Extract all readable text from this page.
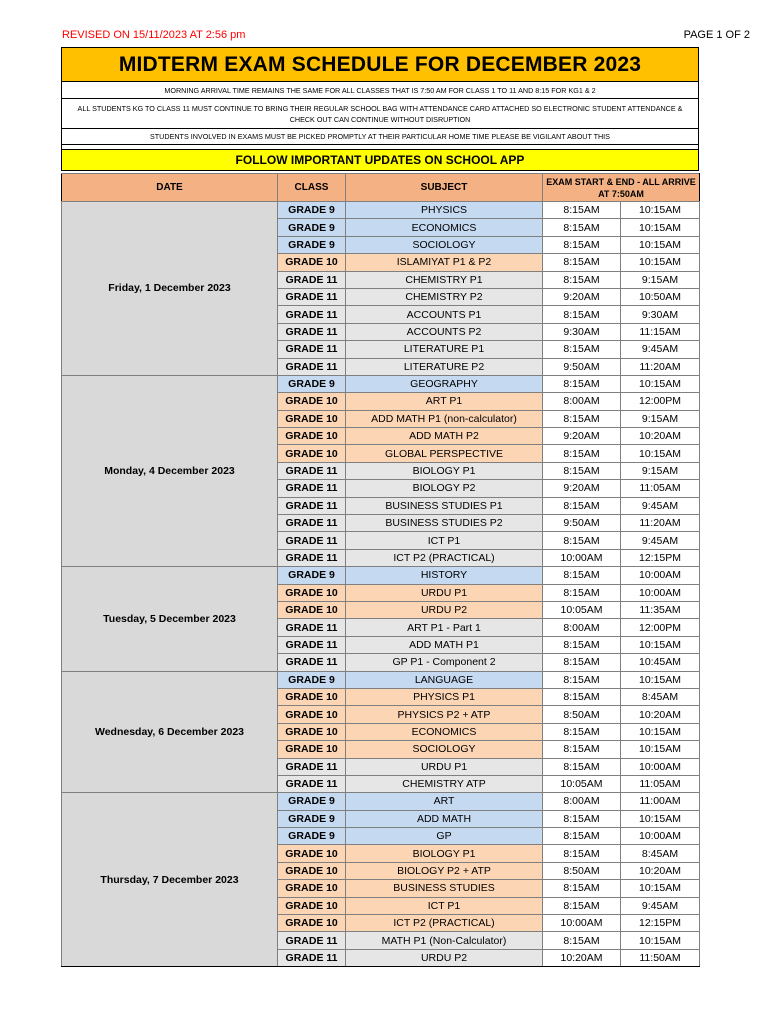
REVISED ON 15/11/2023 AT 2:56 pm	PAGE 1 OF 2
MIDTERM EXAM SCHEDULE FOR DECEMBER 2023
MORNING ARRIVAL TIME REMAINS THE SAME FOR ALL CLASSES THAT IS 7:50 AM FOR CLASS 1 TO 11 AND 8:15 FOR KG1 & 2
ALL STUDENTS KG TO CLASS 11 MUST CONTINUE TO BRING THEIR REGULAR SCHOOL BAG WITH ATTENDANCE CARD ATTACHED SO ELECTRONIC STUDENT ATTENDANCE & CHECK OUT CAN CONTINUE WITHOUT DISRUPTION
STUDENTS INVOLVED IN EXAMS MUST BE PICKED PROMPTLY AT THEIR PARTICULAR HOME TIME PLEASE BE VIGILANT ABOUT THIS
FOLLOW IMPORTANT UPDATES ON SCHOOL APP
DATE	CLASS	SUBJECT	EXAM START & END - ALL ARRIVE AT 7:50AM	
Friday, 1 December 2023	GRADE 9	PHYSICS	8:15AM	10:15AM
	GRADE 9	ECONOMICS	8:15AM	10:15AM
	GRADE 9	SOCIOLOGY	8:15AM	10:15AM
	GRADE 10	ISLAMIYAT P1 & P2	8:15AM	10:15AM
	GRADE 11	CHEMISTRY P1	8:15AM	9:15AM
	GRADE 11	CHEMISTRY P2	9:20AM	10:50AM
	GRADE 11	ACCOUNTS P1	8:15AM	9:30AM
	GRADE 11	ACCOUNTS P2	9:30AM	11:15AM
	GRADE 11	LITERATURE P1	8:15AM	9:45AM
	GRADE 11	LITERATURE P2	9:50AM	11:20AM
Monday, 4 December 2023	GRADE 9	GEOGRAPHY	8:15AM	10:15AM
	GRADE 10	ART P1	8:00AM	12:00PM
	GRADE 10	ADD MATH P1 (non-calculator)	8:15AM	9:15AM
	GRADE 10	ADD MATH P2	9:20AM	10:20AM
	GRADE 10	GLOBAL PERSPECTIVE	8:15AM	10:15AM
	GRADE 11	BIOLOGY P1	8:15AM	9:15AM
	GRADE 11	BIOLOGY P2	9:20AM	11:05AM
	GRADE 11	BUSINESS STUDIES P1	8:15AM	9:45AM
	GRADE 11	BUSINESS STUDIES P2	9:50AM	11:20AM
	GRADE 11	ICT P1	8:15AM	9:45AM
	GRADE 11	ICT P2 (PRACTICAL)	10:00AM	12:15PM
Tuesday, 5 December 2023	GRADE 9	HISTORY	8:15AM	10:00AM
	GRADE 10	URDU P1	8:15AM	10:00AM
	GRADE 10	URDU P2	10:05AM	11:35AM
	GRADE 11	ART P1 - Part 1	8:00AM	12:00PM
	GRADE 11	ADD MATH P1	8:15AM	10:15AM
	GRADE 11	GP P1 - Component 2	8:15AM	10:45AM
Wednesday, 6 December 2023	GRADE 9	LANGUAGE	8:15AM	10:15AM
	GRADE 10	PHYSICS P1	8:15AM	8:45AM
	GRADE 10	PHYSICS P2 + ATP	8:50AM	10:20AM
	GRADE 10	ECONOMICS	8:15AM	10:15AM
	GRADE 10	SOCIOLOGY	8:15AM	10:15AM
	GRADE 11	URDU P1	8:15AM	10:00AM
	GRADE 11	CHEMISTRY ATP	10:05AM	11:05AM
Thursday, 7 December 2023	GRADE 9	ART	8:00AM	11:00AM
	GRADE 9	ADD MATH	8:15AM	10:15AM
	GRADE 9	GP	8:15AM	10:00AM
	GRADE 10	BIOLOGY P1	8:15AM	8:45AM
	GRADE 10	BIOLOGY P2 + ATP	8:50AM	10:20AM
	GRADE 10	BUSINESS STUDIES	8:15AM	10:15AM
	GRADE 10	ICT P1	8:15AM	9:45AM
	GRADE 10	ICT P2 (PRACTICAL)	10:00AM	12:15PM
	GRADE 11	MATH P1 (Non-Calculator)	8:15AM	10:15AM
	GRADE 11	URDU P2	10:20AM	11:50AM
